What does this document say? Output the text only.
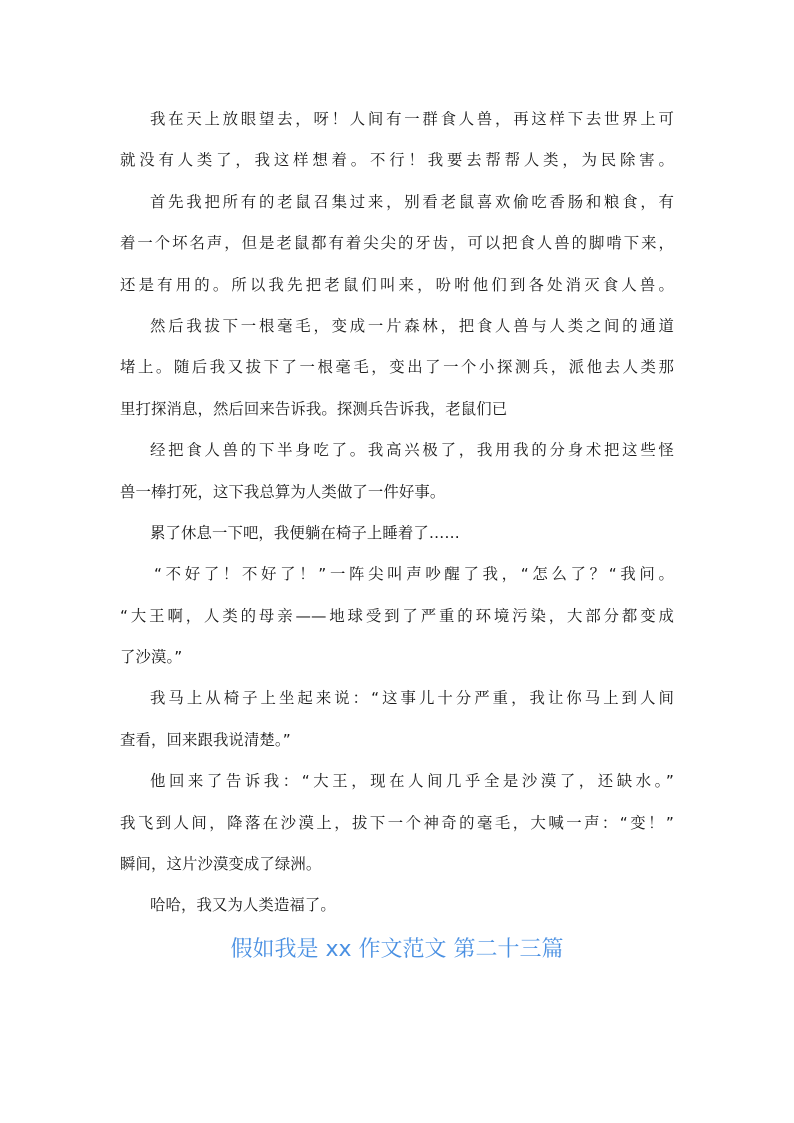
我在天上放眼望去，呀！人间有一群食人兽，再这样下去世界上可
就没有人类了，我这样想着。不行！我要去帮帮人类，为民除害。
首先我把所有的老鼠召集过来，别看老鼠喜欢偷吃香肠和粮食，有
着一个坏名声，但是老鼠都有着尖尖的牙齿，可以把食人兽的脚啃下来，
还是有用的。所以我先把老鼠们叫来，吩咐他们到各处消灭食人兽。
然后我拔下一根毫毛，变成一片森林，把食人兽与人类之间的通道
堵上。随后我又拔下了一根毫毛，变出了一个小探测兵，派他去人类那
里打探消息，然后回来告诉我。探测兵告诉我，老鼠们已
经把食人兽的下半身吃了。我高兴极了，我用我的分身术把这些怪
兽一棒打死，这下我总算为人类做了一件好事。
累了休息一下吧，我便躺在椅子上睡着了……
“不好了！不好了！”一阵尖叫声吵醒了我，“怎么了？“我问。
“大王啊，人类的母亲——地球受到了严重的环境污染，大部分都变成
了沙漠。”
我马上从椅子上坐起来说：“这事儿十分严重，我让你马上到人间
查看，回来跟我说清楚。”
他回来了告诉我：“大王，现在人间几乎全是沙漠了，还缺水。”
我飞到人间，降落在沙漠上，拔下一个神奇的毫毛，大喊一声：“变！”
瞬间，这片沙漠变成了绿洲。
哈哈，我又为人类造福了。
假如我是 xx 作文范文 第二十三篇
